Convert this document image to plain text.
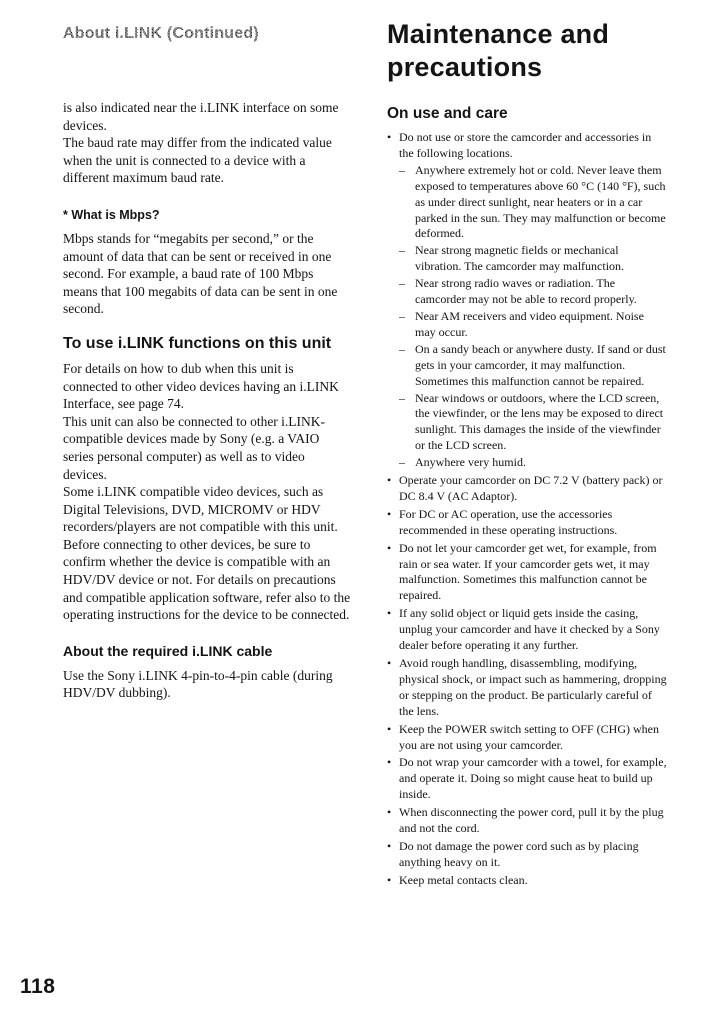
About i.LINK (Continued)

is also indicated near the i.LINK interface on some devices.

The baud rate may differ from the indicated value when the unit is connected to a device with a different maximum baud rate.

* What is Mbps?

Mbps stands for “megabits per second,” or the amount of data that can be sent or received in one second. For example, a baud rate of 100 Mbps means that 100 megabits of data can be sent in one second.

To use i.LINK functions on this unit

For details on how to dub when this unit is connected to other video devices having an i.LINK Interface, see page 74.

This unit can also be connected to other i.LINK-compatible devices made by Sony (e.g. a VAIO series personal computer) as well as to video devices.

Some i.LINK compatible video devices, such as Digital Televisions, DVD, MICROMV or HDV recorders/players are not compatible with this unit. Before connecting to other devices, be sure to confirm whether the device is compatible with an HDV/DV device or not. For details on precautions and compatible application software, refer also to the operating instructions for the device to be connected.

About the required i.LINK cable

Use the Sony i.LINK 4-pin-to-4-pin cable (during HDV/DV dubbing).

Maintenance and precautions
On use and care
• Do not use or store the camcorder and accessories in the following locations.
– Anywhere extremely hot or cold. Never leave them exposed to temperatures above 60 °C (140 °F), such as under direct sunlight, near heaters or in a car parked in the sun. They may malfunction or become deformed.
– Near strong magnetic fields or mechanical vibration. The camcorder may malfunction.
– Near strong radio waves or radiation. The camcorder may not be able to record properly.
– Near AM receivers and video equipment. Noise may occur.
– On a sandy beach or anywhere dusty. If sand or dust gets in your camcorder, it may malfunction. Sometimes this malfunction cannot be repaired.
– Near windows or outdoors, where the LCD screen, the viewfinder, or the lens may be exposed to direct sunlight. This damages the inside of the viewfinder or the LCD screen.
– Anywhere very humid.
• Operate your camcorder on DC 7.2 V (battery pack) or DC 8.4 V (AC Adaptor).
• For DC or AC operation, use the accessories recommended in these operating instructions.
• Do not let your camcorder get wet, for example, from rain or sea water. If your camcorder gets wet, it may malfunction. Sometimes this malfunction cannot be repaired.
• If any solid object or liquid gets inside the casing, unplug your camcorder and have it checked by a Sony dealer before operating it any further.
• Avoid rough handling, disassembling, modifying, physical shock, or impact such as hammering, dropping or stepping on the product. Be particularly careful of the lens.
• Keep the POWER switch setting to OFF (CHG) when you are not using your camcorder.
• Do not wrap your camcorder with a towel, for example, and operate it. Doing so might cause heat to build up inside.
• When disconnecting the power cord, pull it by the plug and not the cord.
• Do not damage the power cord such as by placing anything heavy on it.
• Keep metal contacts clean.
118
